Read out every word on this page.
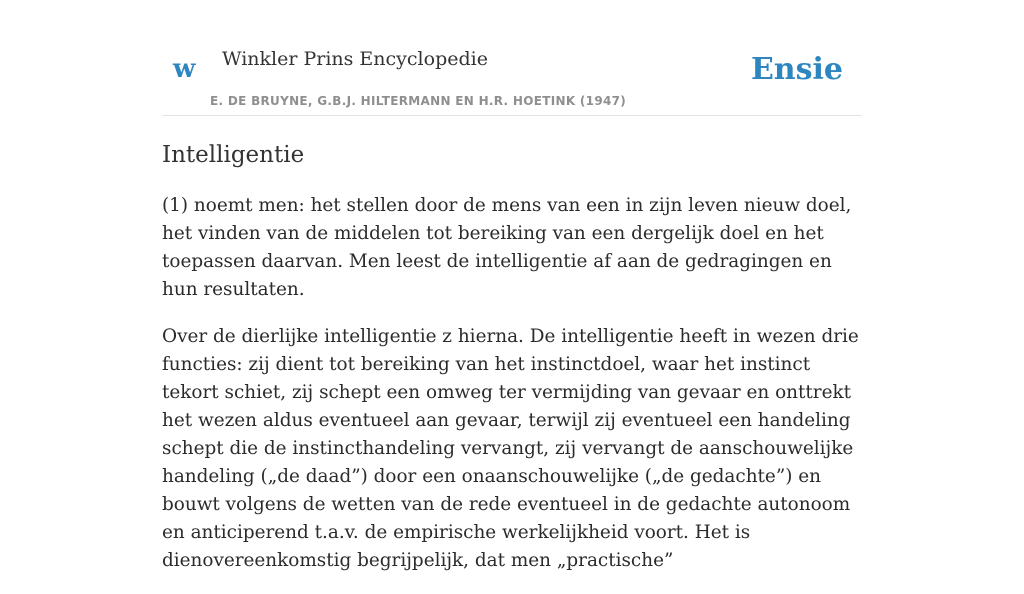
w Winkler Prins Encyclopedie	Ensie
E. DE BRUYNE, G.B.J. HILTERMANN EN H.R. HOETINK (1947)
Intelligentie

(1) noemt men: het stellen door de mens van een in zijn leven nieuw doel, het vinden van de middelen tot bereiking van een dergelijk doel en het toepassen daarvan. Men leest de intelligentie af aan de gedragingen en hun resultaten.

Over de dierlijke intelligentie z hierna. De intelligentie heeft in wezen drie functies: zij dient tot bereiking van het instinctdoel, waar het instinct tekort schiet, zij schept een omweg ter vermijding van gevaar en onttrekt het wezen aldus eventueel aan gevaar, terwijl zij eventueel een handeling schept die de instincthandeling vervangt, zij vervangt de aanschouwelijke handeling („de daad”) door een onaanschouwelijke („de gedachte”) en bouwt volgens de wetten van de rede eventueel in de gedachte autonoom en anticiperend t.a.v. de empirische werkelijkheid voort. Het is dienovereenkomstig begrijpelijk, dat men „practische”
